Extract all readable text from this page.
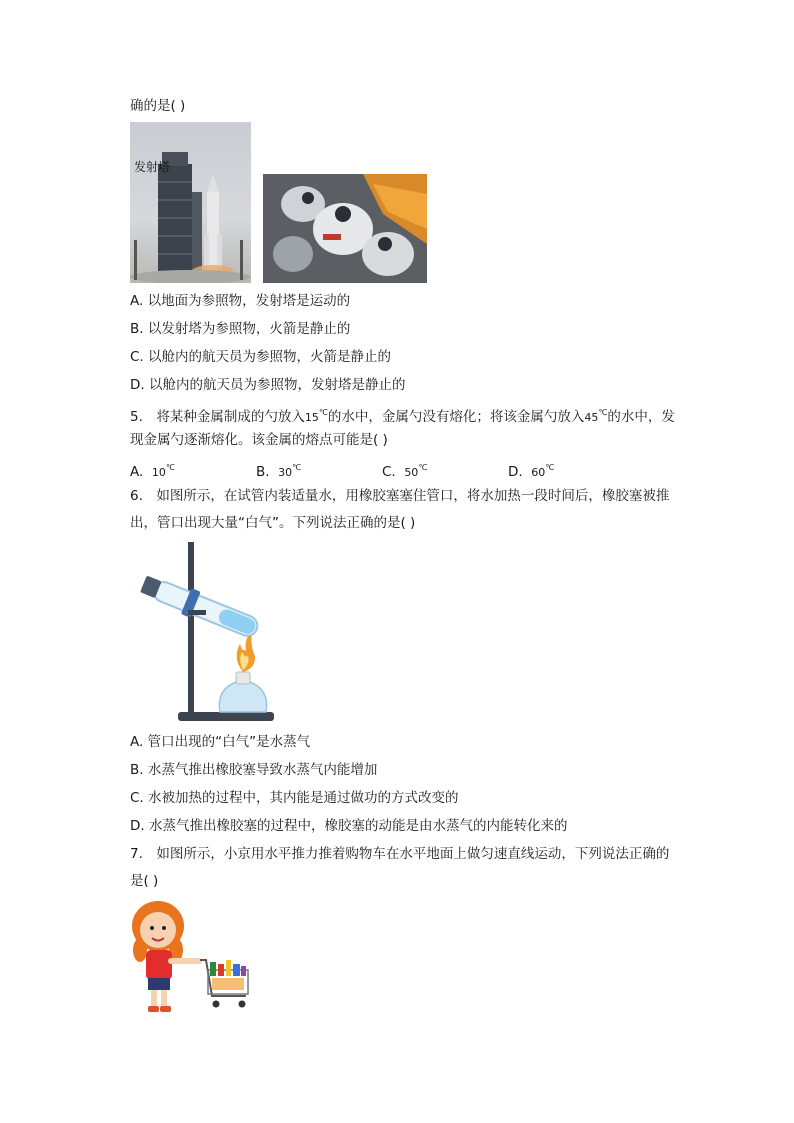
确的是( )
发射塔
A. 以地面为参照物，发射塔是运动的
B. 以发射塔为参照物，火箭是静止的
C. 以舱内的航天员为参照物，火箭是静止的
D. 以舱内的航天员为参照物，发射塔是静止的
5.　将某种金属制成的勺放入15℃的水中，金属勺没有熔化；将该金属勺放入45℃的水中，发
现金属勺逐渐熔化。该金属的熔点可能是( )
A. 10℃	B. 30℃	C. 50℃	D. 60℃
6.　如图所示，在试管内装适量水，用橡胶塞塞住管口，将水加热一段时间后，橡胶塞被推
出，管口出现大量“白气”。下列说法正确的是( )
A. 管口出现的“白气”是水蒸气
B. 水蒸气推出橡胶塞导致水蒸气内能增加
C. 水被加热的过程中，其内能是通过做功的方式改变的
D. 水蒸气推出橡胶塞的过程中，橡胶塞的动能是由水蒸气的内能转化来的
7.　如图所示，小京用水平推力推着购物车在水平地面上做匀速直线运动，下列说法正确的
是( )
